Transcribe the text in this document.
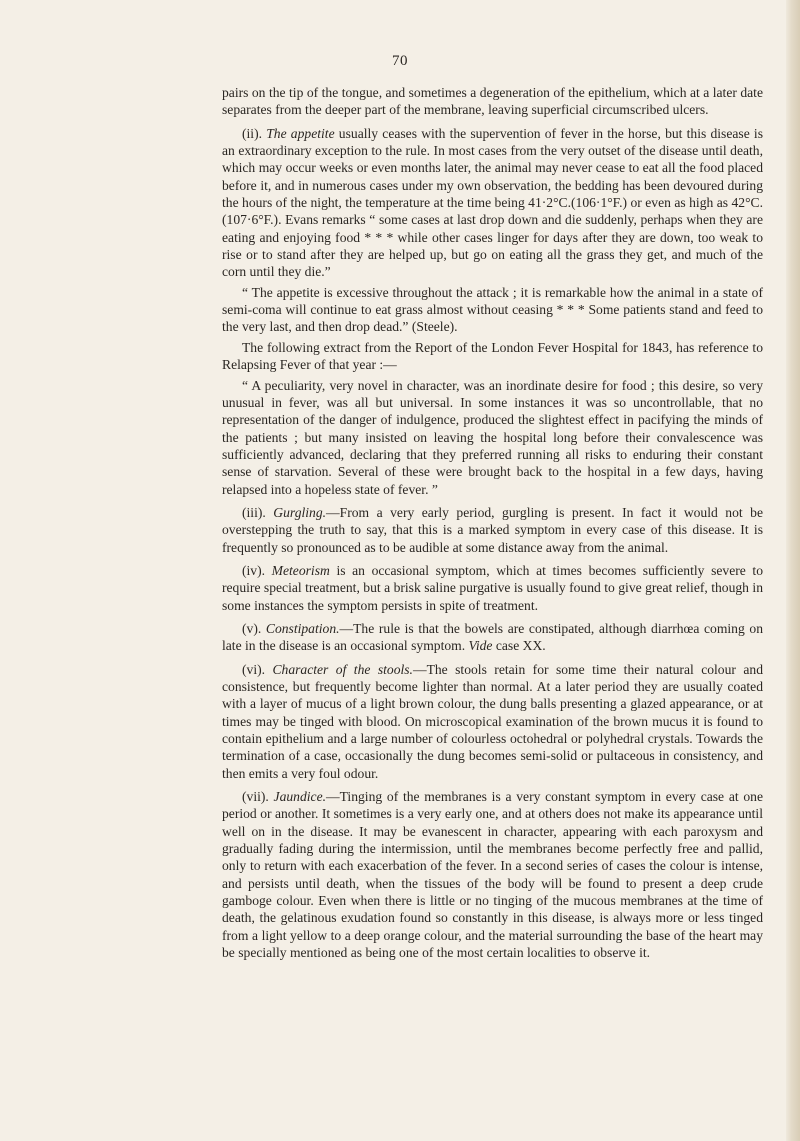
70

pairs on the tip of the tongue, and sometimes a degeneration of the epithelium, which at a later date separates from the deeper part of the membrane, leaving superficial circumscribed ulcers.

(ii). The appetite usually ceases with the supervention of fever in the horse, but this disease is an extraordinary exception to the rule. In most cases from the very outset of the disease until death, which may occur weeks or even months later, the animal may never cease to eat all the food placed before it, and in numerous cases under my own observation, the bedding has been devoured during the hours of the night, the temperature at the time being 41·2°C.(106·1°F.) or even as high as 42°C.(107·6°F.). Evans remarks “ some cases at last drop down and die suddenly, perhaps when they are eating and enjoying food * * * while other cases linger for days after they are down, too weak to rise or to stand after they are helped up, but go on eating all the grass they get, and much of the corn until they die.”

“ The appetite is excessive throughout the attack ; it is remarkable how the animal in a state of semi-coma will continue to eat grass almost without ceasing * * * Some patients stand and feed to the very last, and then drop dead.” (Steele).

The following extract from the Report of the London Fever Hospital for 1843, has reference to Relapsing Fever of that year :—

“ A peculiarity, very novel in character, was an inordinate desire for food ; this desire, so very unusual in fever, was all but universal. In some instances it was so uncontrollable, that no representation of the danger of indulgence, produced the slightest effect in pacifying the minds of the patients ; but many insisted on leaving the hospital long before their convalescence was sufficiently advanced, declaring that they preferred running all risks to enduring their constant sense of starvation. Several of these were brought back to the hospital in a few days, having relapsed into a hopeless state of fever. ”

(iii). Gurgling.—From a very early period, gurgling is present. In fact it would not be overstepping the truth to say, that this is a marked symptom in every case of this disease. It is frequently so pronounced as to be audible at some distance away from the animal.

(iv). Meteorism is an occasional symptom, which at times becomes sufficiently severe to require special treatment, but a brisk saline purgative is usually found to give great relief, though in some instances the symptom persists in spite of treatment.

(v). Constipation.—The rule is that the bowels are constipated, although diarrhœa coming on late in the disease is an occasional symptom. Vide case XX.

(vi). Character of the stools.—The stools retain for some time their natural colour and consistence, but frequently become lighter than normal. At a later period they are usually coated with a layer of mucus of a light brown colour, the dung balls presenting a glazed appearance, or at times may be tinged with blood. On microscopical examination of the brown mucus it is found to contain epithelium and a large number of colourless octohedral or polyhedral crystals. Towards the termination of a case, occasionally the dung becomes semi-solid or pultaceous in consistency, and then emits a very foul odour.

(vii). Jaundice.—Tinging of the membranes is a very constant symptom in every case at one period or another. It sometimes is a very early one, and at others does not make its appearance until well on in the disease. It may be evanescent in character, appearing with each paroxysm and gradually fading during the intermission, until the membranes become perfectly free and pallid, only to return with each exacerbation of the fever. In a second series of cases the colour is intense, and persists until death, when the tissues of the body will be found to present a deep crude gamboge colour. Even when there is little or no tinging of the mucous membranes at the time of death, the gelatinous exudation found so constantly in this disease, is always more or less tinged from a light yellow to a deep orange colour, and the material surrounding the base of the heart may be specially mentioned as being one of the most certain localities to observe it.
